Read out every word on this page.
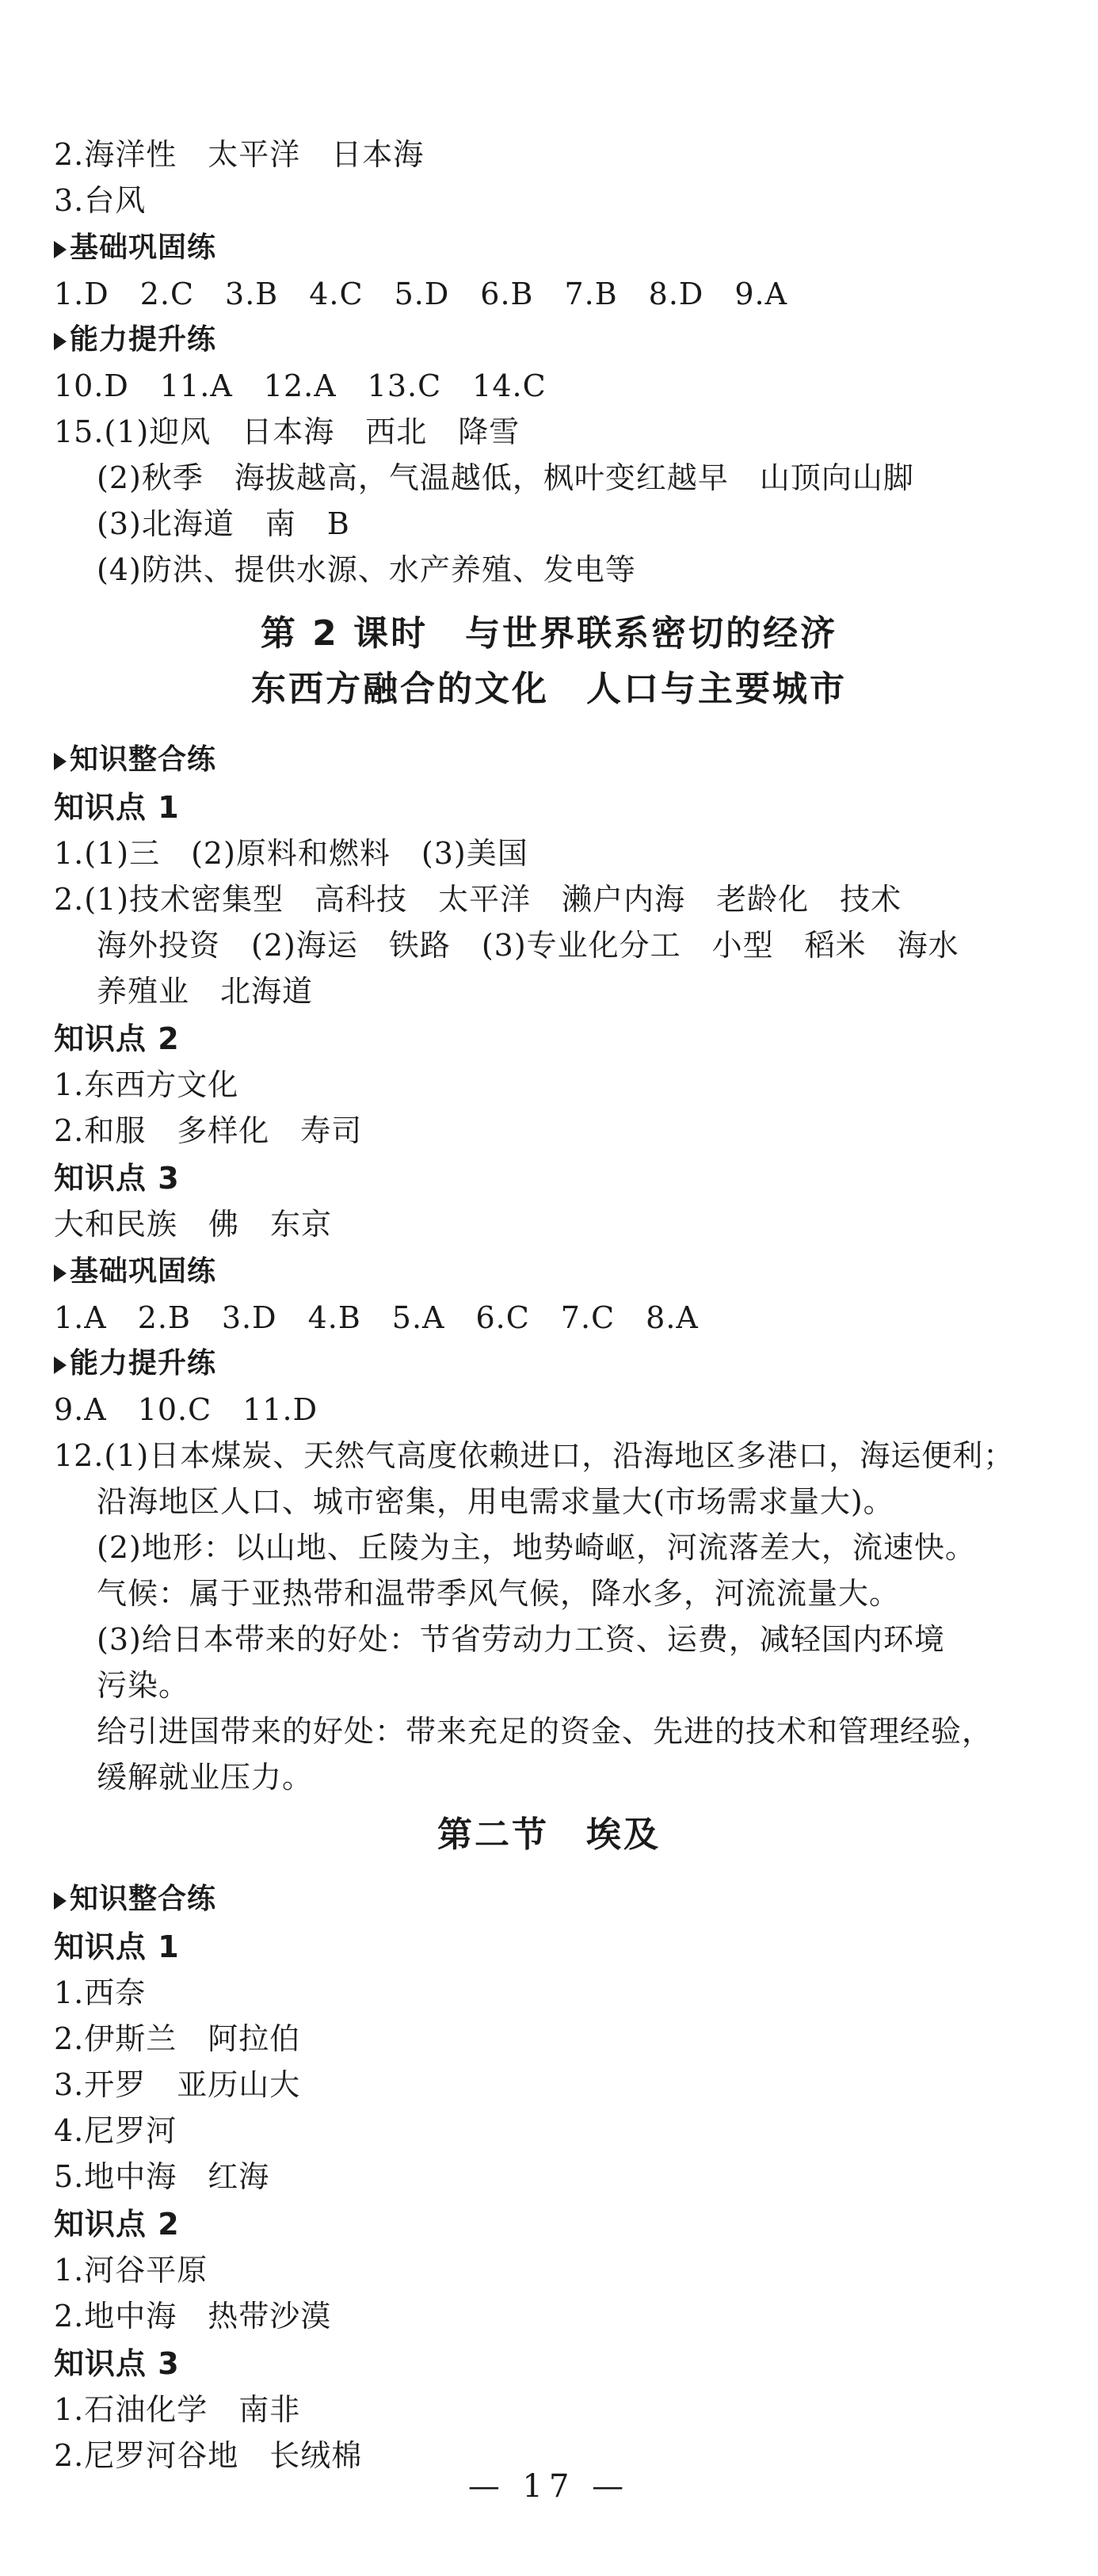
2.海洋性　太平洋　日本海
3.台风
基础巩固练
1.D　2.C　3.B　4.C　5.D　6.B　7.B　8.D　9.A
能力提升练
10.D　11.A　12.A　13.C　14.C
15.(1)迎风　日本海　西北　降雪
(2)秋季　海拔越高，气温越低，枫叶变红越早　山顶向山脚
(3)北海道　南　B
(4)防洪、提供水源、水产养殖、发电等
第 2 课时　与世界联系密切的经济
东西方融合的文化　人口与主要城市
知识整合练
知识点 1
1.(1)三　(2)原料和燃料　(3)美国
2.(1)技术密集型　高科技　太平洋　濑户内海　老龄化　技术
海外投资　(2)海运　铁路　(3)专业化分工　小型　稻米　海水
养殖业　北海道
知识点 2
1.东西方文化
2.和服　多样化　寿司
知识点 3
大和民族　佛　东京
基础巩固练
1.A　2.B　3.D　4.B　5.A　6.C　7.C　8.A
能力提升练
9.A　10.C　11.D
12.(1)日本煤炭、天然气高度依赖进口，沿海地区多港口，海运便利；
沿海地区人口、城市密集，用电需求量大(市场需求量大)。
(2)地形：以山地、丘陵为主，地势崎岖，河流落差大，流速快。
气候：属于亚热带和温带季风气候，降水多，河流流量大。
(3)给日本带来的好处：节省劳动力工资、运费，减轻国内环境
污染。
给引进国带来的好处：带来充足的资金、先进的技术和管理经验，
缓解就业压力。
第二节　埃及
知识整合练
知识点 1
1.西奈
2.伊斯兰　阿拉伯
3.开罗　亚历山大
4.尼罗河
5.地中海　红海
知识点 2
1.河谷平原
2.地中海　热带沙漠
知识点 3
1.石油化学　南非
2.尼罗河谷地　长绒棉
— 17 —
